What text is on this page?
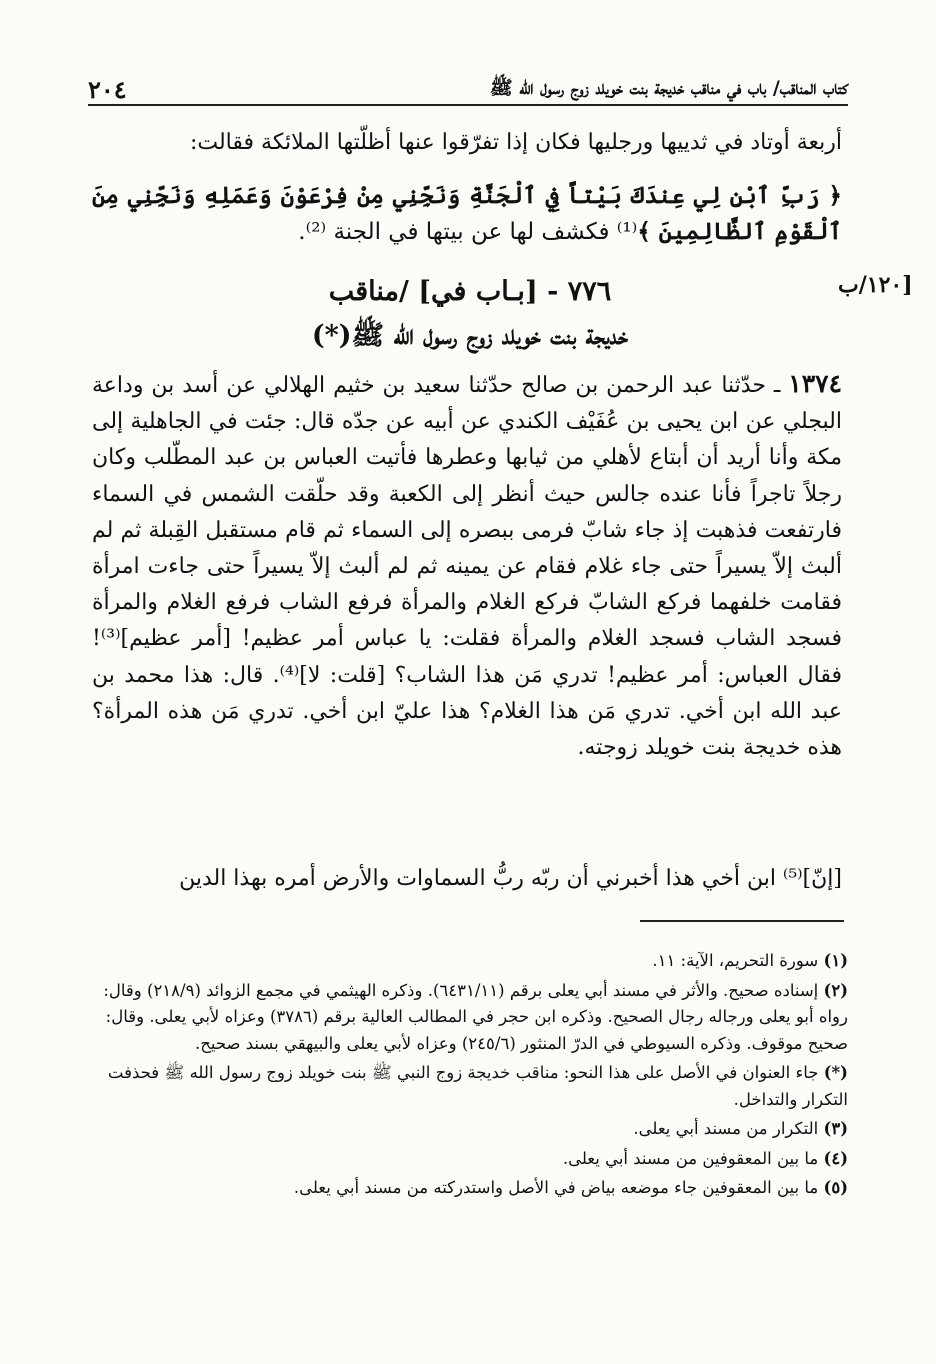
٢٠٤	كتاب المناقب/ باب في مناقب خديجة بنت خويلد زوج رسول الله ﷺ
١٢٠/ب]

أربعة أوتاد في ثدييها ورجليها فكان إذا تفرّقوا عنها أظلّتها الملائكة فقالت:

﴿ رَبِّ ٱبْنِ لِي عِندَكَ بَيْتاً فِي ٱلْجَنَّةِ وَنَجِّنِي مِنْ فِرْعَوْنَ وَعَمَلِهِ وَنَجِّنِي مِنَ ٱلْقَوْمِ ٱلظَّالِمِينَ ﴾⁽¹⁾ فكشف لها عن بيتها في الجنة ⁽²⁾.

٧٧٦ - [بـاب في] /مناقب
خديجة بنت خويلد زوج رسول الله ﷺ(*)

١٣٧٤ ـ حدّثنا عبد الرحمن بن صالح حدّثنا سعيد بن خثيم الهلالي عن أسد بن وداعة البجلي عن ابن يحيى بن عُفَيْف الكندي عن أبيه عن جدّه قال: جئت في الجاهلية إلى مكة وأنا أريد أن أبتاع لأهلي من ثيابها وعطرها فأتيت العباس بن عبد المطّلب وكان رجلاً تاجراً فأنا عنده جالس حيث أنظر إلى الكعبة وقد حلّقت الشمس في السماء فارتفعت فذهبت إذ جاء شابّ فرمى ببصره إلى السماء ثم قام مستقبل القِبلة ثم لم ألبث إلاّ يسيراً حتى جاء غلام فقام عن يمينه ثم لم ألبث إلاّ يسيراً حتى جاءت امرأة فقامت خلفهما فركع الشابّ فركع الغلام والمرأة فرفع الشاب فرفع الغلام والمرأة فسجد الشاب فسجد الغلام والمرأة فقلت: يا عباس أمر عظيم! [أمر عظيم]⁽³⁾! فقال العباس: أمر عظيم! تدري مَن هذا الشاب؟ [قلت: لا]⁽⁴⁾. قال: هذا محمد بن عبد الله ابن أخي. تدري مَن هذا الغلام؟ هذا عليّ ابن أخي. تدري مَن هذه المرأة؟ هذه خديجة بنت خويلد زوجته.

[إنّ]⁽⁵⁾ ابن أخي هذا أخبرني أن ربّه ربُّ السماوات والأرض أمره بهذا الدين

(١) سورة التحريم، الآية: ١١.
(٢) إسناده صحيح. والأثر في مسند أبي يعلى برقم (٦٤٣١/١١). وذكره الهيثمي في مجمع الزوائد (٢١٨/٩) وقال: رواه أبو يعلى ورجاله رجال الصحيح. وذكره ابن حجر في المطالب العالية برقم (٣٧٨٦) وعزاه لأبي يعلى. وقال: صحيح موقوف. وذكره السيوطي في الدرّ المنثور (٢٤٥/٦) وعزاه لأبي يعلى والبيهقي بسند صحيح.
(*) جاء العنوان في الأصل على هذا النحو: مناقب خديجة زوج النبي ﷺ بنت خويلد زوج رسول الله ﷺ فحذفت التكرار والتداخل.
(٣) التكرار من مسند أبي يعلى.
(٤) ما بين المعقوفين من مسند أبي يعلى.
(٥) ما بين المعقوفين جاء موضعه بياض في الأصل واستدركته من مسند أبي يعلى.
